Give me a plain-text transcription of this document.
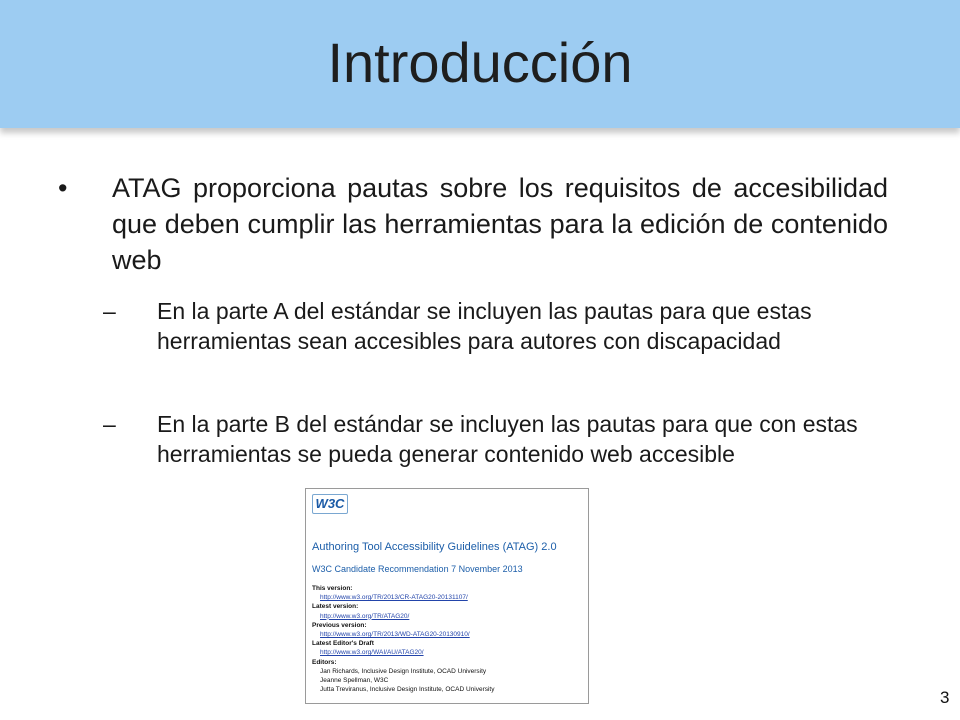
Introducción
• ATAG proporciona pautas sobre los requisitos de accesibilidad que deben cumplir las herramientas para la edición de contenido web
– En la parte A del estándar se incluyen las pautas para que estas herramientas sean accesibles para autores con discapacidad
– En la parte B del estándar se incluyen las pautas para que con estas herramientas se pueda generar contenido web accesible
W3C
Authoring Tool Accessibility Guidelines (ATAG) 2.0
W3C Candidate Recommendation 7 November 2013
This version:
http://www.w3.org/TR/2013/CR-ATAG20-20131107/
Latest version:
http://www.w3.org/TR/ATAG20/
Previous version:
http://www.w3.org/TR/2013/WD-ATAG20-20130910/
Latest Editor's Draft
http://www.w3.org/WAI/AU/ATAG20/
Editors:
Jan Richards, Inclusive Design Institute, OCAD University
Jeanne Spellman, W3C
Jutta Treviranus, Inclusive Design Institute, OCAD University	3
